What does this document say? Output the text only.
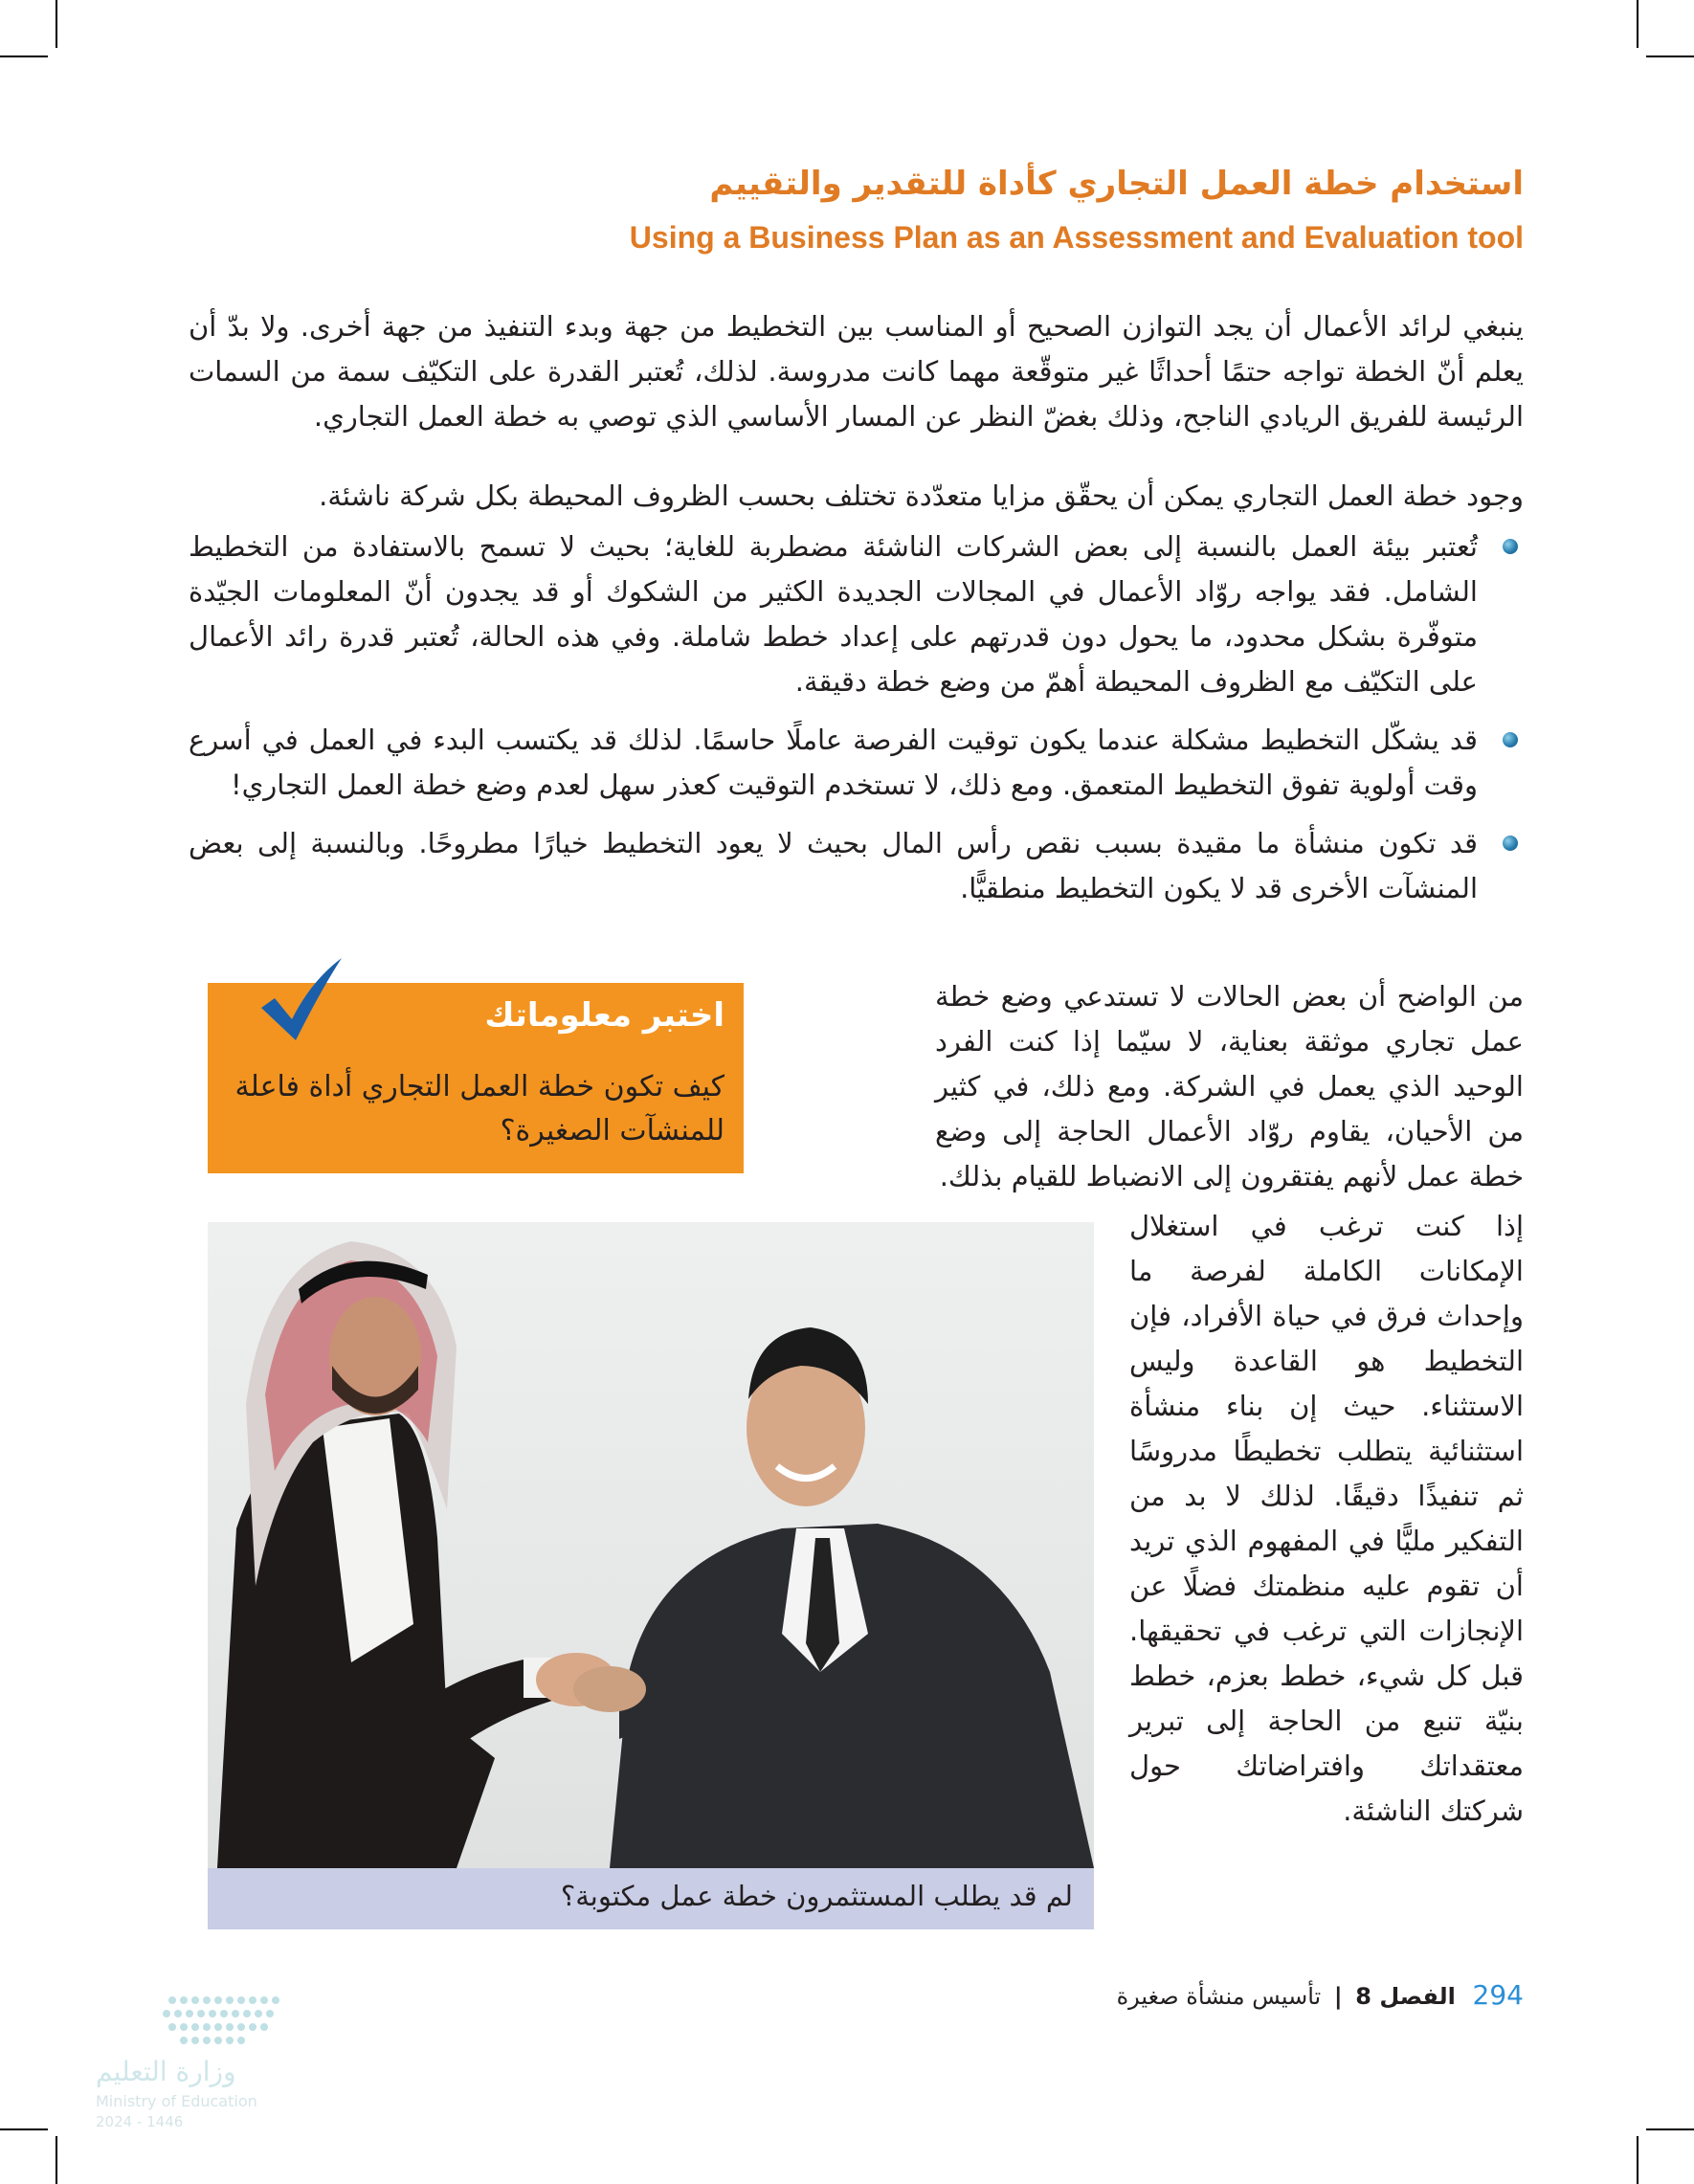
استخدام خطة العمل التجاري كأداة للتقدير والتقييم
Using a Business Plan as an Assessment and Evaluation tool
ينبغي لرائد الأعمال أن يجد التوازن الصحيح أو المناسب بين التخطيط من جهة وبدء التنفيذ من جهة أخرى. ولا بدّ أن يعلم أنّ الخطة تواجه حتمًا أحداثًا غير متوقّعة مهما كانت مدروسة. لذلك، تُعتبر القدرة على التكيّف سمة من السمات الرئيسة للفريق الريادي الناجح، وذلك بغضّ النظر عن المسار الأساسي الذي توصي به خطة العمل التجاري.
وجود خطة العمل التجاري يمكن أن يحقّق مزايا متعدّدة تختلف بحسب الظروف المحيطة بكل شركة ناشئة.
تُعتبر بيئة العمل بالنسبة إلى بعض الشركات الناشئة مضطربة للغاية؛ بحيث لا تسمح بالاستفادة من التخطيط الشامل. فقد يواجه روّاد الأعمال في المجالات الجديدة الكثير من الشكوك أو قد يجدون أنّ المعلومات الجيّدة متوفّرة بشكل محدود، ما يحول دون قدرتهم على إعداد خطط شاملة. وفي هذه الحالة، تُعتبر قدرة رائد الأعمال على التكيّف مع الظروف المحيطة أهمّ من وضع خطة دقيقة.
قد يشكّل التخطيط مشكلة عندما يكون توقيت الفرصة عاملًا حاسمًا. لذلك قد يكتسب البدء في العمل في أسرع وقت أولوية تفوق التخطيط المتعمق. ومع ذلك، لا تستخدم التوقيت كعذر سهل لعدم وضع خطة العمل التجاري!
قد تكون منشأة ما مقيدة بسبب نقص رأس المال بحيث لا يعود التخطيط خيارًا مطروحًا. وبالنسبة إلى بعض المنشآت الأخرى قد لا يكون التخطيط منطقيًّا.
من الواضح أن بعض الحالات لا تستدعي وضع خطة عمل تجاري موثقة بعناية، لا سيّما إذا كنت الفرد الوحيد الذي يعمل في الشركة. ومع ذلك، في كثير من الأحيان، يقاوم روّاد الأعمال الحاجة إلى وضع خطة عمل لأنهم يفتقرون إلى الانضباط للقيام بذلك.
اختبر معلوماتك
كيف تكون خطة العمل التجاري أداة فاعلة للمنشآت الصغيرة؟
إذا كنت ترغب في استغلال الإمكانات الكاملة لفرصة ما وإحداث فرق في حياة الأفراد، فإن التخطيط هو القاعدة وليس الاستثناء. حيث إن بناء منشأة استثنائية يتطلب تخطيطًا مدروسًا ثم تنفيذًا دقيقًا. لذلك لا بد من التفكير مليًّا في المفهوم الذي تريد أن تقوم عليه منظمتك فضلًا عن الإنجازات التي ترغب في تحقيقها. قبل كل شيء، خطط بعزم، خطط بنيّة تنبع من الحاجة إلى تبرير معتقداتك وافتراضاتك حول شركتك الناشئة.
لم قد يطلب المستثمرون خطة عمل مكتوبة؟
294 الفصل 8 | تأسيس منشأة صغيرة
وزارة التعليم
Ministry of Education
2024 - 1446
